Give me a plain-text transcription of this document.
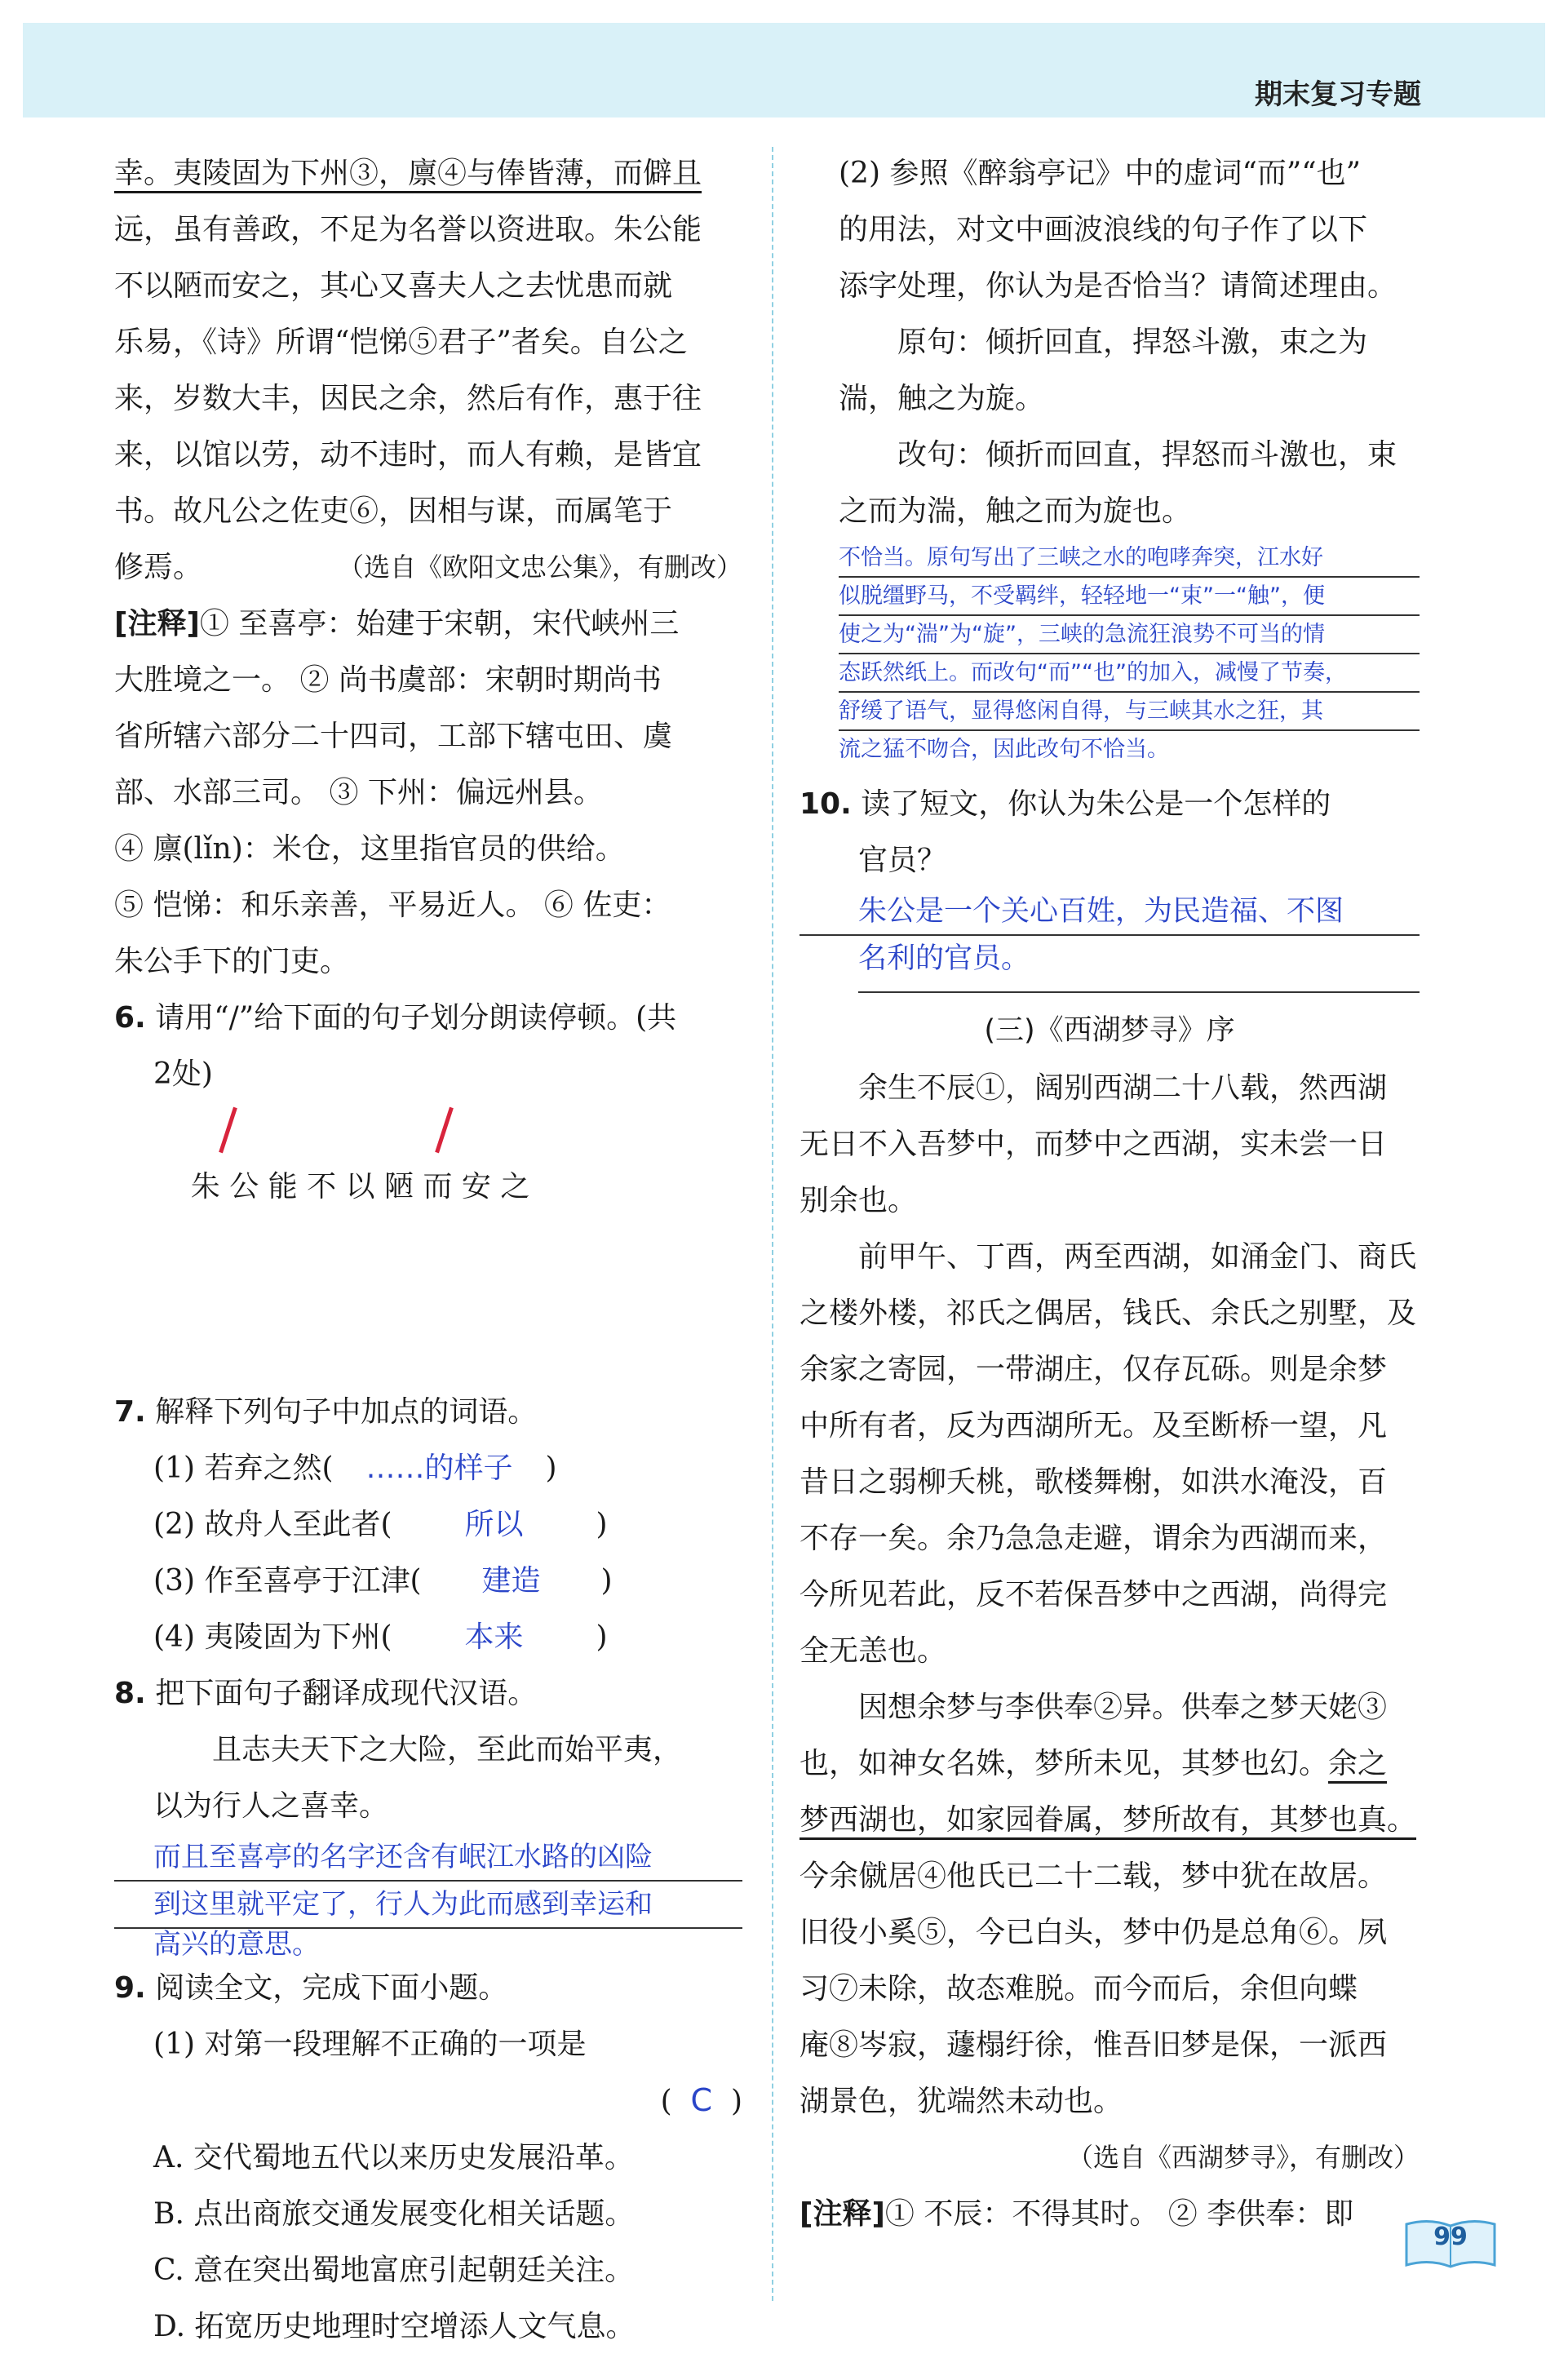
期末复习专题

幸。夷陵固为下州③，廪④与俸皆薄，而僻且

远，虽有善政，不足为名誉以资进取。朱公能

不以陋而安之，其心又喜夫人之去忧患而就

乐易，《诗》所谓“恺悌⑤君子”者矣。自公之

来，岁数大丰，因民之余，然后有作，惠于往

来，以馆以劳，动不违时，而人有赖，是皆宜

书。故凡公之佐吏⑥，因相与谋，而属笔于

修焉。	（选自《欧阳文忠公集》，有删改）

[注释]① 至喜亭：始建于宋朝，宋代峡州三

大胜境之一。 ② 尚书虞部：宋朝时期尚书

省所辖六部分二十四司，工部下辖屯田、虞

部、水部三司。 ③ 下州：偏远州县。

④ 廪(lǐn)：米仓，这里指官员的供给。

⑤ 恺悌：和乐亲善，平易近人。 ⑥ 佐吏：

朱公手下的门吏。

6. 请用“/”给下面的句子划分朗读停顿。(共

2处)

朱 公 能 不 以 陋 而 安 之

7. 解释下列句子中加点的词语。

(1) 若弃之然( ……的样子 )

(2) 故舟人至此者( 所以 )

(3) 作至喜亭于江津( 建造 )

(4) 夷陵固为下州( 本来 )

8. 把下面句子翻译成现代汉语。

且志夫天下之大险，至此而始平夷，

以为行人之喜幸。

而且至喜亭的名字还含有岷江水路的凶险

到这里就平定了，行人为此而感到幸运和

高兴的意思。

9. 阅读全文，完成下面小题。

(1) 对第一段理解不正确的一项是

(  C  )

A. 交代蜀地五代以来历史发展沿革。

B. 点出商旅交通发展变化相关话题。

C. 意在突出蜀地富庶引起朝廷关注。

D. 拓宽历史地理时空增添人文气息。

(2) 参照《醉翁亭记》中的虚词“而”“也”

的用法，对文中画波浪线的句子作了以下

添字处理，你认为是否恰当？请简述理由。

原句：倾折回直，捍怒斗激，束之为

湍，触之为旋。

改句：倾折而回直，捍怒而斗激也，束

之而为湍，触之而为旋也。

不恰当。原句写出了三峡之水的咆哮奔突，江水好

似脱缰野马，不受羁绊，轻轻地一“束”一“触”，便

使之为“湍”为“旋”，三峡的急流狂浪势不可当的情

态跃然纸上。而改句“而”“也”的加入，减慢了节奏，

舒缓了语气，显得悠闲自得，与三峡其水之狂，其

流之猛不吻合，因此改句不恰当。

10. 读了短文，你认为朱公是一个怎样的

官员？

朱公是一个关心百姓，为民造福、不图

名利的官员。

(三)《西湖梦寻》序

余生不辰①，阔别西湖二十八载，然西湖

无日不入吾梦中，而梦中之西湖，实未尝一日

别余也。

前甲午、丁酉，两至西湖，如涌金门、商氏

之楼外楼，祁氏之偶居，钱氏、余氏之别墅，及

余家之寄园，一带湖庄，仅存瓦砾。则是余梦

中所有者，反为西湖所无。及至断桥一望，凡

昔日之弱柳夭桃，歌楼舞榭，如洪水淹没，百

不存一矣。余乃急急走避，谓余为西湖而来，

今所见若此，反不若保吾梦中之西湖，尚得完

全无恙也。

因想余梦与李供奉②异。供奉之梦天姥③

也，如神女名姝，梦所未见，其梦也幻。余之

梦西湖也，如家园眷属，梦所故有，其梦也真。

今余僦居④他氏已二十二载，梦中犹在故居。

旧役小奚⑤，今已白头，梦中仍是总角⑥。夙

习⑦未除，故态难脱。而今而后，余但向蝶

庵⑧岑寂，蘧榻纡徐，惟吾旧梦是保，一派西

湖景色，犹端然未动也。

（选自《西湖梦寻》，有删改）

[注释]① 不辰：不得其时。 ② 李供奉：即

99
